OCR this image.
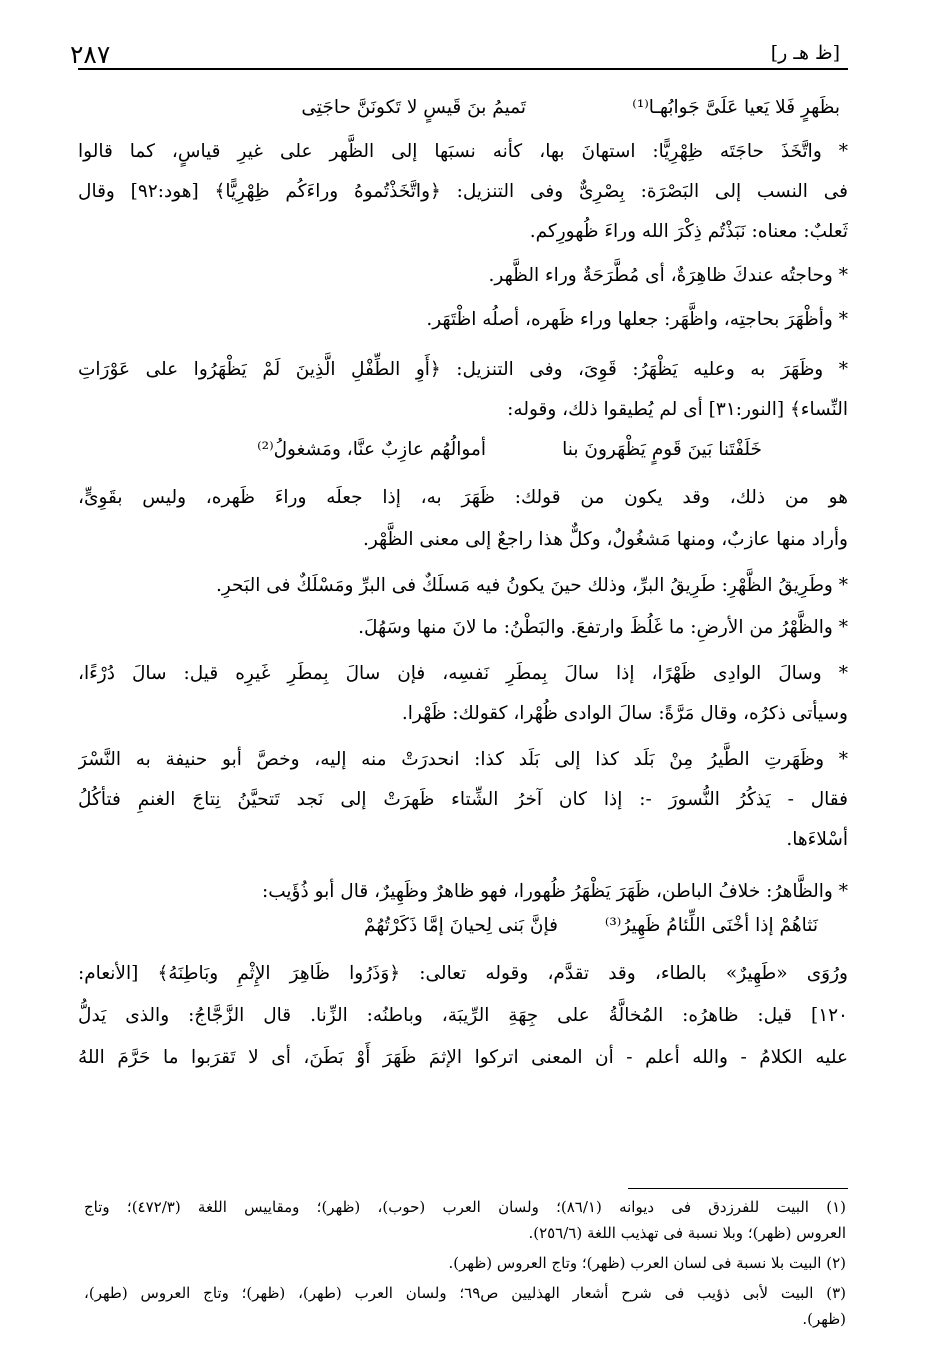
٢٨٧	[ظ هـ ر]
تَميمُ بنَ قَيسٍ لا تَكونَنَّ حاجَتِى	بظَهرٍ فَلا يَعيا عَلَىَّ جَوابُهـا⁽¹⁾
* واتَّخَذَ حاجَتَه ظِهْرِيًّا: استهانَ بها، كأنه نسبَها إلى الظَّهر على غيرِ قياسٍ، كما قالوا
فى النسب إلى البَصْرَة: بِصْرِىٌّ وفى التنزيل: ﴿واتَّخَذْتُموهُ وراءَكُم ظِهْرِيًّا﴾ [هود:٩٢] وقال
ثَعلبٌ: معناه: نَبَذْتُم ذِكْرَ الله وراءَ ظُهورِكم.
* وحاجتُه عندكَ ظاهِرَةٌ، أى مُطَّرَحَةٌ وراء الظَّهر.
* وأظْهَرَ بحاجتِه، واظَّهَر: جعلها وراء ظَهره، أصلُه اظْتَهَر.
* وظَهَرَ به وعليه يَظْهَرُ: قَوِىَ، وفى التنزيل: ﴿أَوِ الطِّفْلِ الَّذِينَ لَمْ يَظْهَرُوا على عَوْرَاتِ
النِّساء﴾ [النور:٣١] أى لم يُطيقوا ذلك، وقوله:
أموالُهُم عازِبٌ عنَّا، ومَشغولُ⁽²⁾	خَلَفْتَنا بَينَ قَومٍ يَظْهَرونَ بنا
هو من ذلك، وقد يكون من قولك: ظَهَرَ به، إذا جعلَه وراءَ ظَهره، وليس بقَوِىٍّ،
وأراد منها عازبٌ، ومنها مَشغُولٌ، وكلٌّ هذا راجعٌ إلى معنى الظَّهْر.
* وطَرِيقُ الظَّهْرِ: طَرِيقُ البرِّ، وذلك حينَ يكونُ فيه مَسلَكٌ فى البرِّ ومَسْلَكٌ فى البَحرِ.
* والظَّهْرُ من الأرضِ: ما غَلُظَ وارتفعَ. والبَطْنُ: ما لانَ منها وسَهُلَ.
* وسالَ الوادِى ظَهْرًا، إذا سالَ بِمطَرِ نَفسِه، فإن سالَ بِمطَرِ غَيرِه قيل: سالَ دُرْءًا،
وسيأتى ذكرُه، وقال مَرَّةً: سالَ الوادى ظُهْرا، كقولك: ظَهْرا.
* وظَهَرتِ الطَّيرُ مِنْ بَلَد كذا إلى بَلَد كذا: انحدرَتْ منه إليه، وخصَّ أبو حنيفة به النَّسْرَ
فقال - يَذكُرُ النُّسورَ -: إذا كان آخرُ الشِّتاء ظَهرَتْ إلى نَجد تَتحيَّنُ نِتاجَ الغنمِ فتأكُلُ
أسْلاءَها.
* والظَّاهرُ: خلافُ الباطن، ظَهَرَ يَظْهَرُ ظُهورا، فهو ظاهرٌ وظَهِيرٌ، قال أبو ذُؤَيب:
فإنَّ بَنى لِحيانَ إمَّا ذَكَرْتُهُمْ	نَثاهُمْ إذا أخْنَى اللِّئامُ ظَهِيرُ⁽³⁾
ورُوَى «طَهِيرٌ» بالطاء، وقد تقدَّم، وقوله تعالى: ﴿وَذَرُوا ظَاهِرَ الإِثْمِ وبَاطِنَهُ﴾ [الأنعام:
١٢٠] قيل: ظاهرُه: المُخالَّةُ على جِهَةِ الرِّيبَة، وباطنُه: الزِّنا. قال الزَّجَّاجُ: والذى يَدلُّ
عليه الكلامُ - والله أعلم - أن المعنى اتركوا الإثمَ ظَهَرَ أَوْ بَطَنَ، أى لا تَقرَبوا ما حَرَّمَ اللهُ
(١) البيت للفرزدق فى ديوانه (٨٦/١)؛ ولسان العرب (حوب)، (ظهر)؛ ومقاييس اللغة (٤٧٢/٣)؛ وتاج
العروس (ظهر)؛ وبلا نسبة فى تهذيب اللغة (٢٥٦/٦).
(٢) البيت بلا نسبة فى لسان العرب (ظهر)؛ وتاج العروس (ظهر).
(٣) البيت لأبى ذؤيب فى شرح أشعار الهذليين ص٦٩؛ ولسان العرب (طهر)، (ظهر)؛ وتاج العروس (طهر)،
(ظهر).
